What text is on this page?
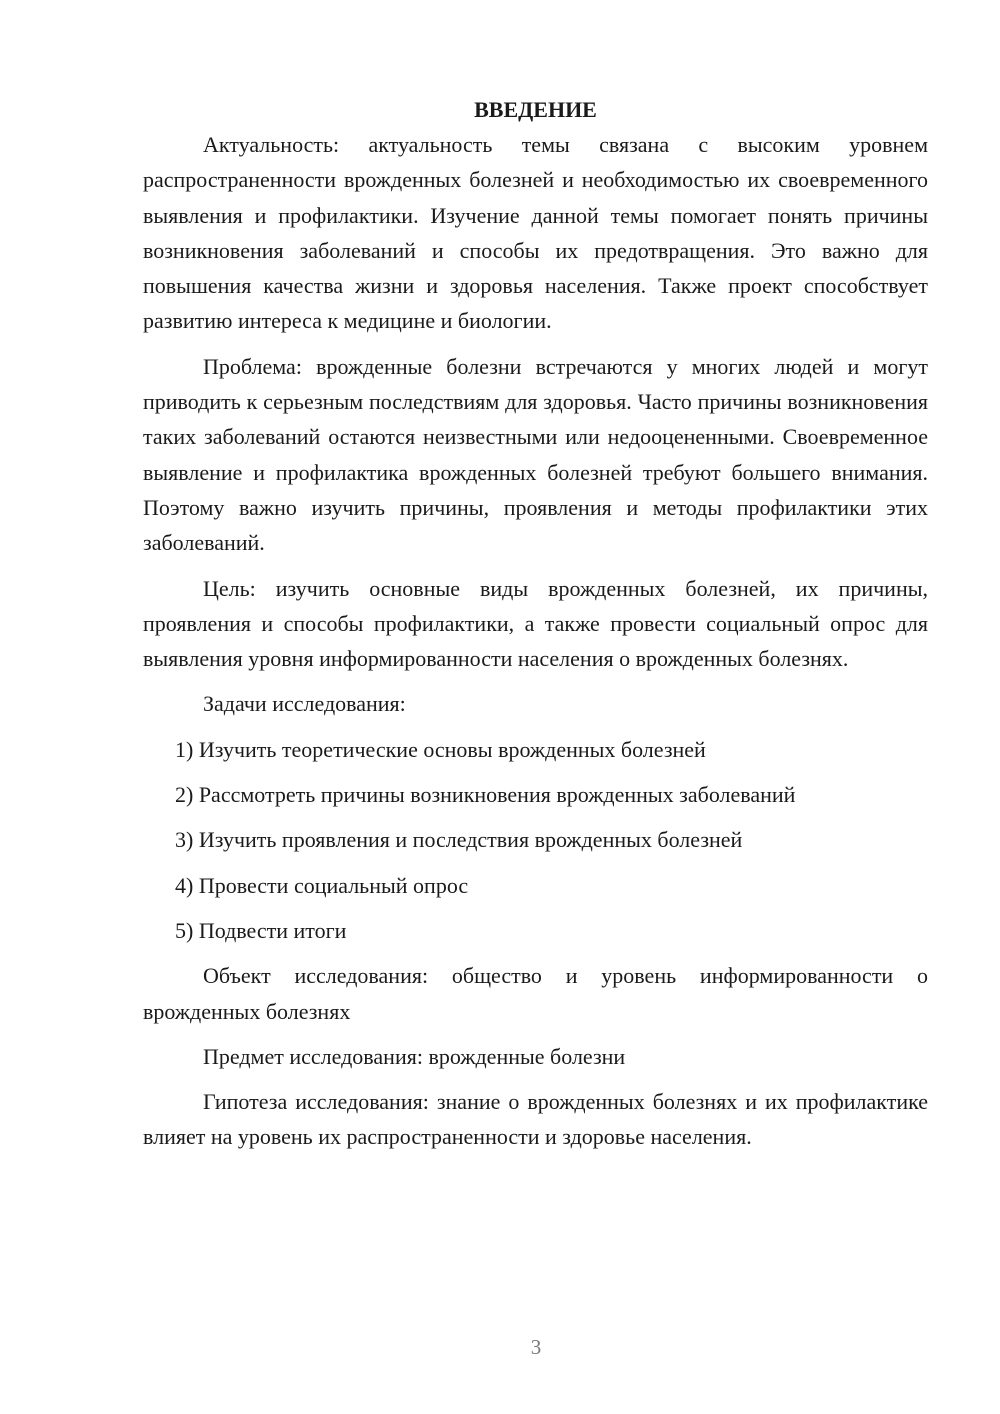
ВВЕДЕНИЕ

Актуальность: актуальность темы связана с высоким уровнем распространенности врожденных болезней и необходимостью их своевременного выявления и профилактики. Изучение данной темы помогает понять причины возникновения заболеваний и способы их предотвращения. Это важно для повышения качества жизни и здоровья населения. Также проект способствует развитию интереса к медицине и биологии.

Проблема: врожденные болезни встречаются у многих людей и могут приводить к серьезным последствиям для здоровья. Часто причины возникновения таких заболеваний остаются неизвестными или недооцененными. Своевременное выявление и профилактика врожденных болезней требуют большего внимания. Поэтому важно изучить причины, проявления и методы профилактики этих заболеваний.

Цель: изучить основные виды врожденных болезней, их причины, проявления и способы профилактики, а также провести социальный опрос для выявления уровня информированности населения о врожденных болезнях.

Задачи исследования:

1) Изучить теоретические основы врожденных болезней

2) Рассмотреть причины возникновения врожденных заболеваний

3) Изучить проявления и последствия врожденных болезней

4) Провести социальный опрос

5) Подвести итоги

Объект исследования: общество и уровень информированности о врожденных болезнях

Предмет исследования: врожденные болезни

Гипотеза исследования: знание о врожденных болезнях и их профилактике влияет на уровень их распространенности и здоровье населения.

3
